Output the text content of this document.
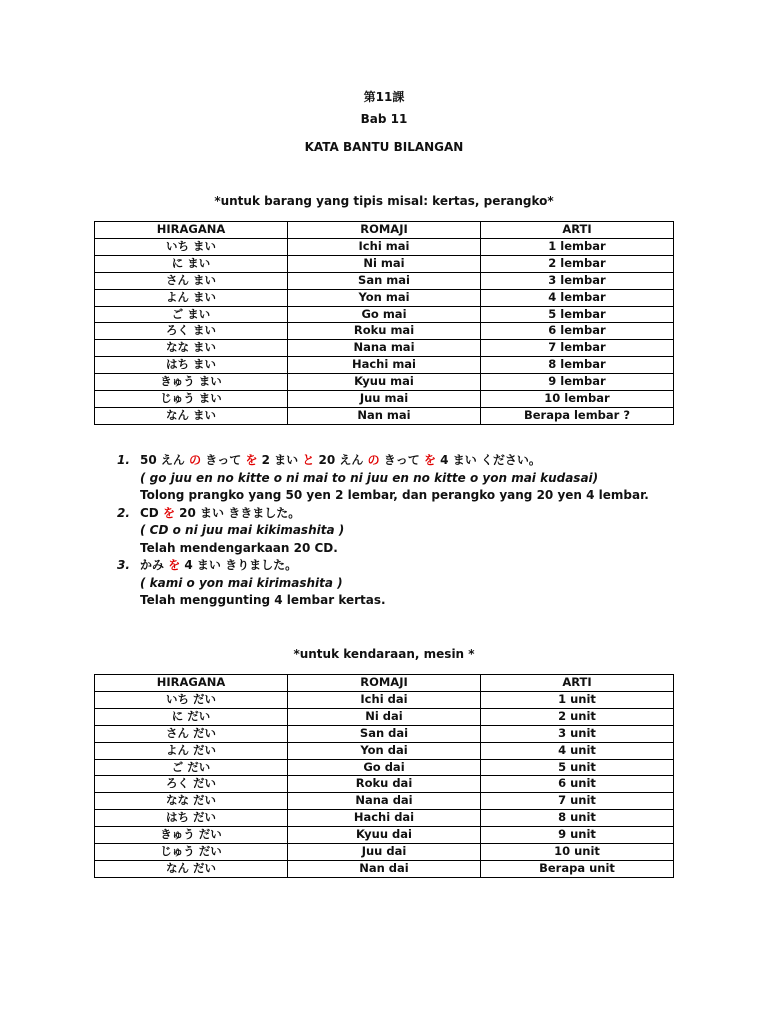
第11課
Bab 11
KATA BANTU BILANGAN
*untuk barang yang tipis misal: kertas, perangko*
HIRAGANA	ROMAJI	ARTI
いち まい	Ichi mai	1 lembar
に まい	Ni mai	2 lembar
さん まい	San mai	3 lembar
よん まい	Yon mai	4 lembar
ご まい	Go mai	5 lembar
ろく まい	Roku mai	6 lembar
なな まい	Nana mai	7 lembar
はち まい	Hachi mai	8 lembar
きゅう まい	Kyuu mai	9 lembar
じゅう まい	Juu mai	10 lembar
なん まい	Nan mai	Berapa lembar ?
1. 50 えん の きって を 2 まい と 20 えん の きって を 4 まい ください。
( go juu en no kitte o ni mai to ni juu en no kitte o yon mai kudasai)
Tolong prangko yang 50 yen 2 lembar, dan perangko yang 20 yen 4 lembar.
2. CD を 20 まい ききました。
( CD o ni juu mai kikimashita )
Telah mendengarkaan 20 CD.
3. かみ を 4 まい きりました。
( kami o yon mai kirimashita )
Telah menggunting 4 lembar kertas.
*untuk kendaraan, mesin *
HIRAGANA	ROMAJI	ARTI
いち だい	Ichi dai	1 unit
に だい	Ni dai	2 unit
さん だい	San dai	3 unit
よん だい	Yon dai	4 unit
ご だい	Go dai	5 unit
ろく だい	Roku dai	6 unit
なな だい	Nana dai	7 unit
はち だい	Hachi dai	8 unit
きゅう だい	Kyuu dai	9 unit
じゅう だい	Juu dai	10 unit
なん だい	Nan dai	Berapa unit
